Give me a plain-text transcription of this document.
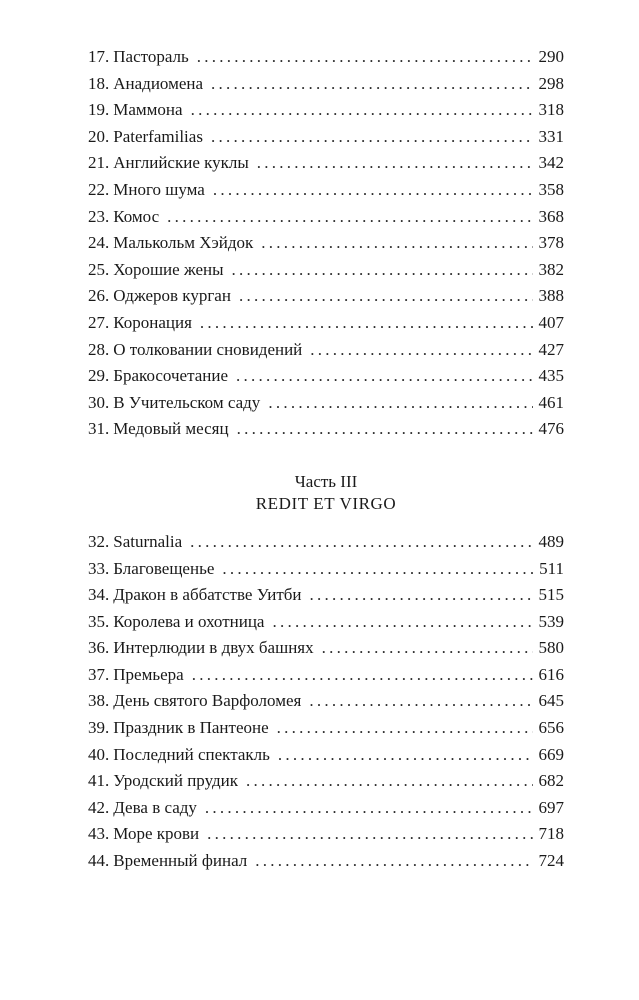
17. Пастораль . . .	290
18. Анадиомена . . .	298
19. Маммона . . .	318
20. Paterfamilias . . .	331
21. Английские куклы . . .	342
22. Много шума . . .	358
23. Комос . . .	368
24. Малькольм Хэйдок . . .	378
25. Хорошие жены . . .	382
26. Оджеров курган . . .	388
27. Коронация . . .	407
28. О толковании сновидений . . .	427
29. Бракосочетание . . .	435
30. В Учительском саду . . .	461
31. Медовый месяц . . .	476
Часть III
REDIT ET VIRGO
32. Saturnalia . . .	489
33. Благовещенье . . .	511
34. Дракон в аббатстве Уитби . . .	515
35. Королева и охотница . . .	539
36. Интерлюдии в двух башнях . . .	580
37. Премьера . . .	616
38. День святого Варфоломея . . .	645
39. Праздник в Пантеоне . . .	656
40. Последний спектакль . . .	669
41. Уродский прудик . . .	682
42. Дева в саду . . .	697
43. Море крови . . .	718
44. Временный финал . . .	724
